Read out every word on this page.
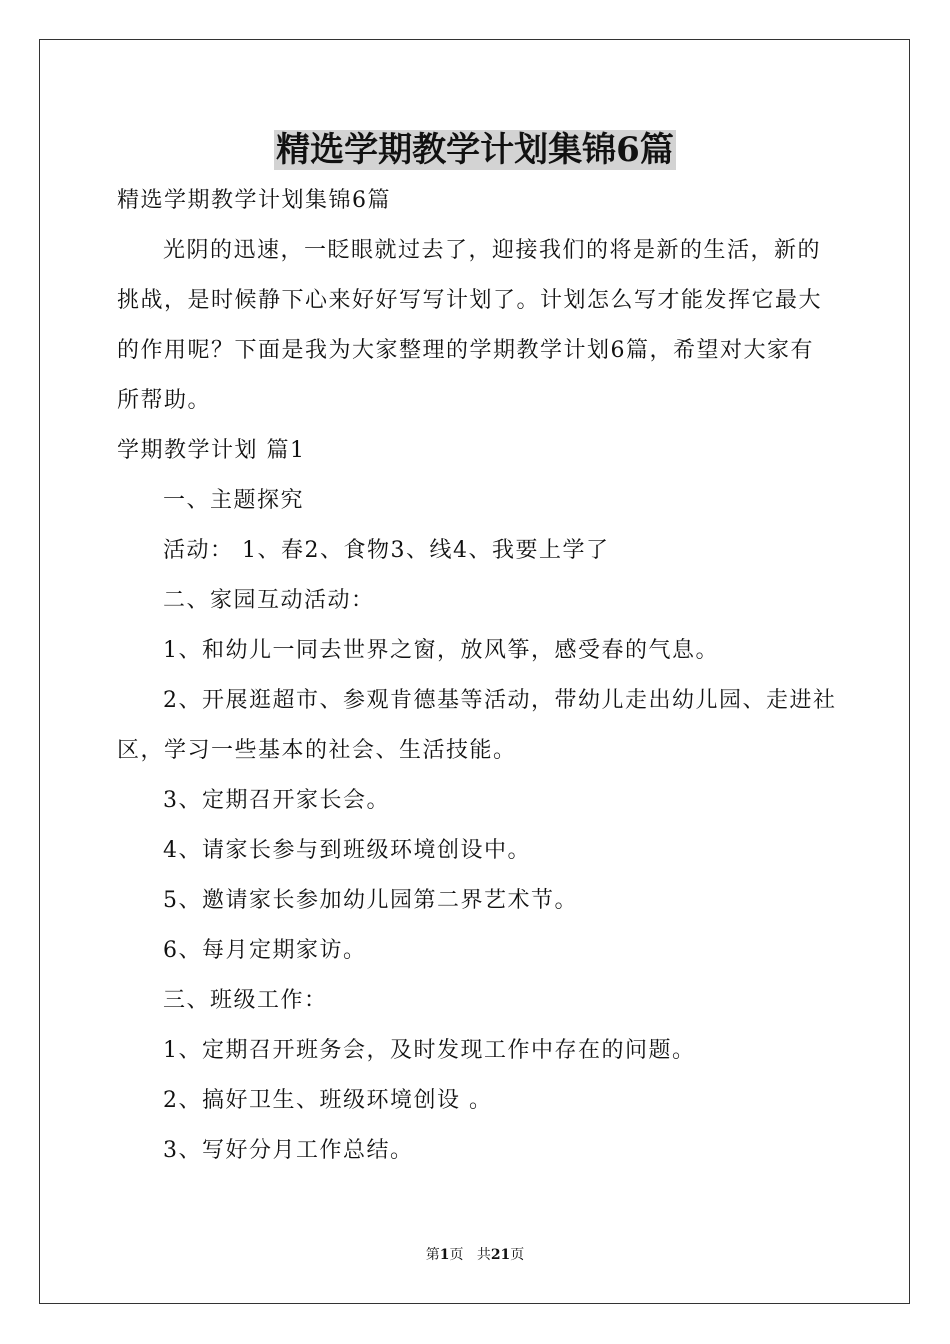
精选学期教学计划集锦6篇

精选学期教学计划集锦6篇

光阴的迅速，一眨眼就过去了，迎接我们的将是新的生活，新的挑战，是时候静下心来好好写写计划了。计划怎么写才能发挥它最大的作用呢？下面是我为大家整理的学期教学计划6篇，希望对大家有所帮助。

学期教学计划 篇1

一、主题探究

活动： 1、春2、食物3、线4、我要上学了

二、家园互动活动：

1、和幼儿一同去世界之窗，放风筝，感受春的气息。

2、开展逛超市、参观肯德基等活动，带幼儿走出幼儿园、走进社区，学习一些基本的社会、生活技能。

3、定期召开家长会。

4、请家长参与到班级环境创设中。

5、邀请家长参加幼儿园第二界艺术节。

6、每月定期家访。

三、班级工作：

1、定期召开班务会，及时发现工作中存在的问题。

2、搞好卫生、班级环境创设 。

3、写好分月工作总结。

第1页 共21页
